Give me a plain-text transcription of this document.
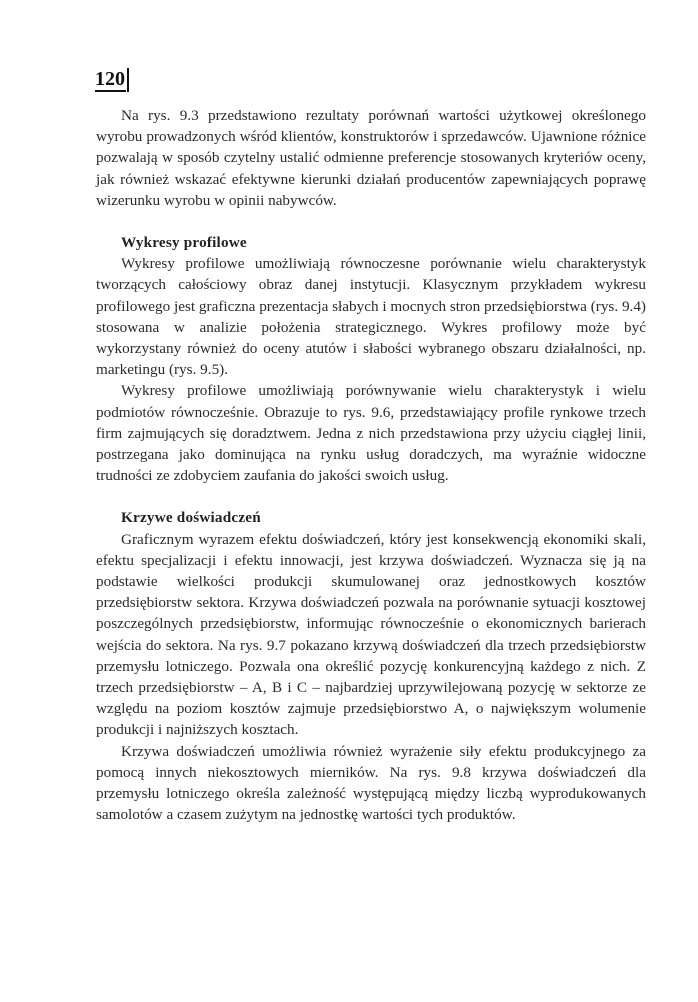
120

Na rys. 9.3 przedstawiono rezultaty porównań wartości użytkowej określonego wyrobu prowadzonych wśród klientów, konstruktorów i sprzedawców. Ujawnione różnice pozwalają w sposób czytelny ustalić odmienne preferencje stosowanych kryteriów oceny, jak również wskazać efektywne kierunki działań producentów zapewniających poprawę wizerunku wyrobu w opinii nabywców.

Wykresy profilowe

Wykresy profilowe umożliwiają równoczesne porównanie wielu charakterystyk tworzących całościowy obraz danej instytucji. Klasycznym przykładem wykresu profilowego jest graficzna prezentacja słabych i mocnych stron przedsiębiorstwa (rys. 9.4) stosowana w analizie położenia strategicznego. Wykres profilowy może być wykorzystany również do oceny atutów i słabości wybranego obszaru działalności, np. marketingu (rys. 9.5).

Wykresy profilowe umożliwiają porównywanie wielu charakterystyk i wielu podmiotów równocześnie. Obrazuje to rys. 9.6, przedstawiający profile rynkowe trzech firm zajmujących się doradztwem. Jedna z nich przedstawiona przy użyciu ciągłej linii, postrzegana jako dominująca na rynku usług doradczych, ma wyraźnie widoczne trudności ze zdobyciem zaufania do jakości swoich usług.

Krzywe doświadczeń

Graficznym wyrazem efektu doświadczeń, który jest konsekwencją ekonomiki skali, efektu specjalizacji i efektu innowacji, jest krzywa doświadczeń. Wyznacza się ją na podstawie wielkości produkcji skumulowanej oraz jednostkowych kosztów przedsiębiorstw sektora. Krzywa doświadczeń pozwala na porównanie sytuacji kosztowej poszczególnych przedsiębiorstw, informując równocześnie o ekonomicznych barierach wejścia do sektora. Na rys. 9.7 pokazano krzywą doświadczeń dla trzech przedsiębiorstw przemysłu lotniczego. Pozwala ona określić pozycję konkurencyjną każdego z nich. Z trzech przedsiębiorstw – A, B i C – najbardziej uprzywilejowaną pozycję w sektorze ze względu na poziom kosztów zajmuje przedsiębiorstwo A, o największym wolumenie produkcji i najniższych kosztach.

Krzywa doświadczeń umożliwia również wyrażenie siły efektu produkcyjnego za pomocą innych niekosztowych mierników. Na rys. 9.8 krzywa doświadczeń dla przemysłu lotniczego określa zależność występującą między liczbą wyprodukowanych samolotów a czasem zużytym na jednostkę wartości tych produktów.
